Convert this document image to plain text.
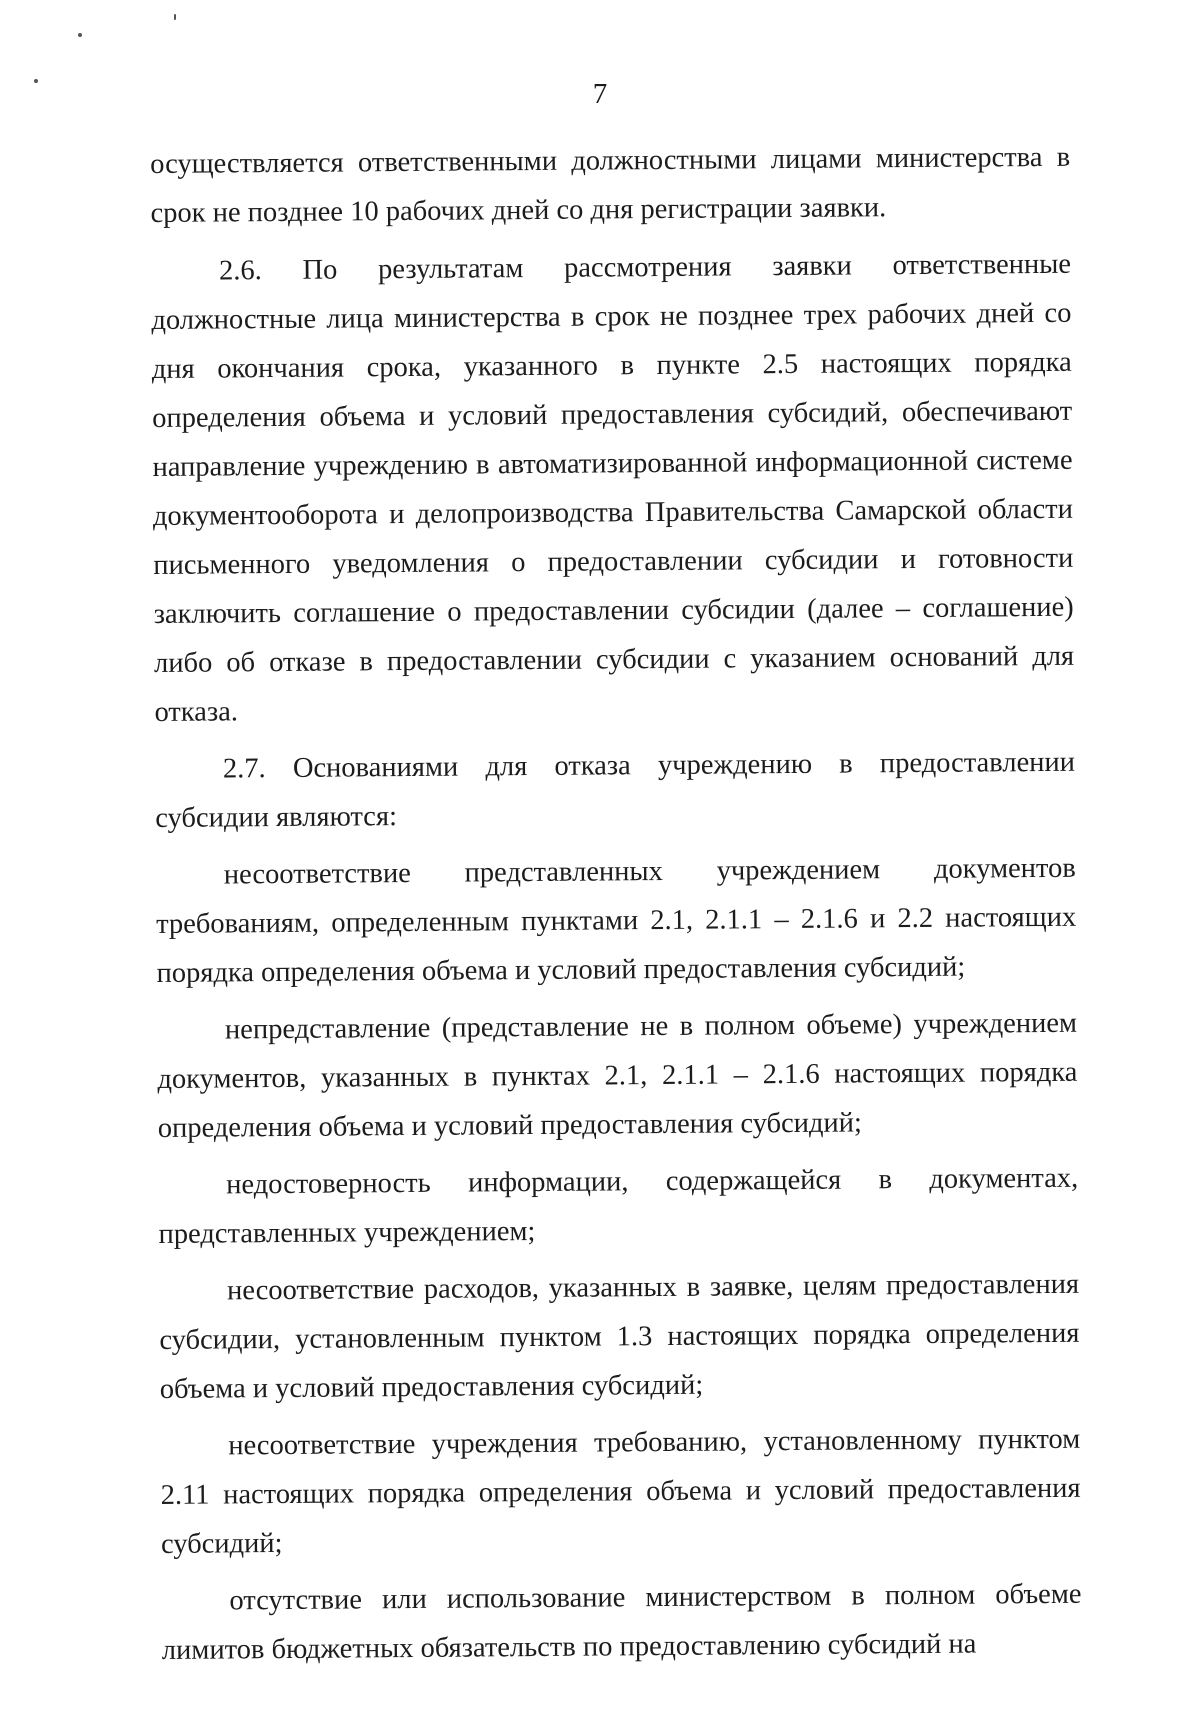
7

осуществляется ответственными должностными лицами министерства в срок не позднее 10 рабочих дней со дня регистрации заявки.

2.6. По результатам рассмотрения заявки ответственные должностные лица министерства в срок не позднее трех рабочих дней со дня окончания срока, указанного в пункте 2.5 настоящих порядка определения объема и условий предоставления субсидий, обеспечивают направление учреждению в автоматизированной информационной системе документооборота и делопроизводства Правительства Самарской области письменного уведомления о предоставлении субсидии и готовности заключить соглашение о предоставлении субсидии (далее – соглашение) либо об отказе в предоставлении субсидии с указанием оснований для отказа.

2.7. Основаниями для отказа учреждению в предоставлении субсидии являются:

несоответствие представленных учреждением документов требованиям, определенным пунктами 2.1, 2.1.1 – 2.1.6 и 2.2 настоящих порядка определения объема и условий предоставления субсидий;

непредставление (представление не в полном объеме) учреждением документов, указанных в пунктах 2.1, 2.1.1 – 2.1.6 настоящих порядка определения объема и условий предоставления субсидий;

недостоверность информации, содержащейся в документах, представленных учреждением;

несоответствие расходов, указанных в заявке, целям предоставления субсидии, установленным пунктом 1.3 настоящих порядка определения объема и условий предоставления субсидий;

несоответствие учреждения требованию, установленному пунктом 2.11 настоящих порядка определения объема и условий предоставления субсидий;

отсутствие или использование министерством в полном объеме лимитов бюджетных обязательств по предоставлению субсидий на
